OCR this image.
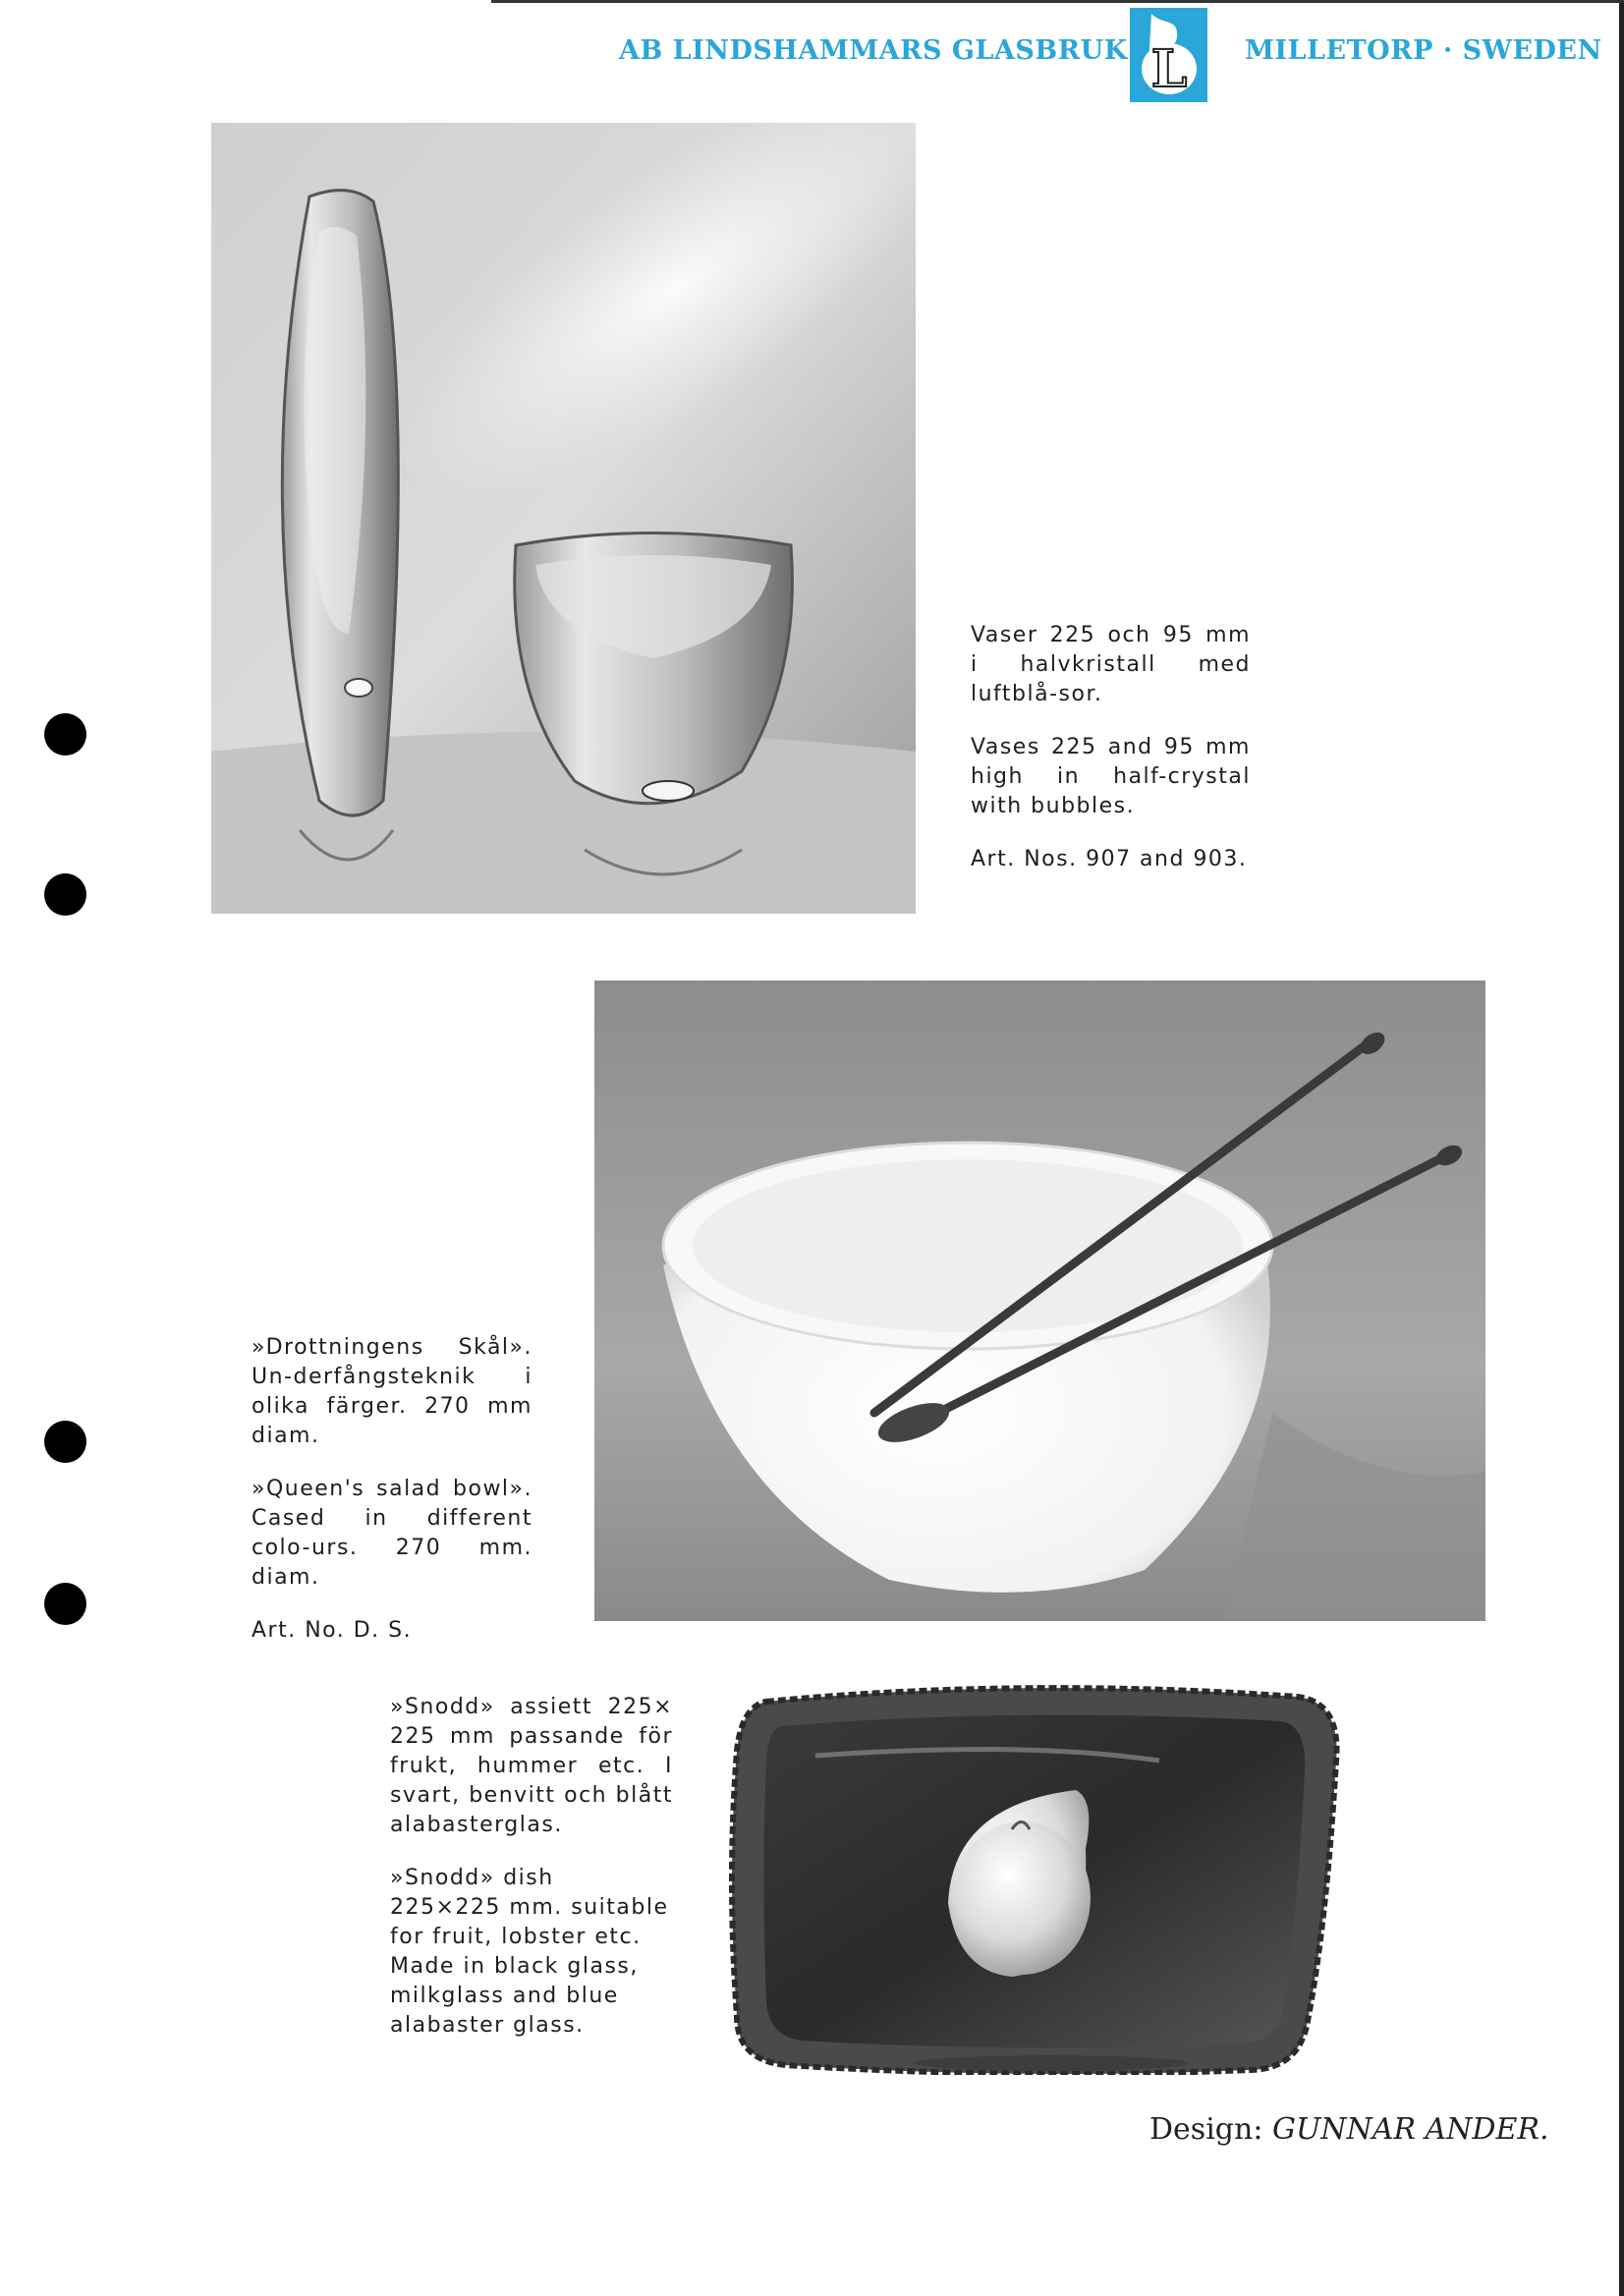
AB LINDSHAMMARS GLASBRUK L MILLETORP · SWEDEN

Vaser 225 och 95 mm i halvkristall med luftblå-sor.

Vases 225 and 95 mm high in half-crystal with bubbles.

Art. Nos. 907 and 903.

»Drottningens Skål». Un-derfångsteknik i olika färger. 270 mm diam.

»Queen's salad bowl». Cased in different colo-urs. 270 mm. diam.

Art. No. D. S.

»Snodd» assiett 225× 225 mm passande för frukt, hummer etc. I svart, benvitt och blått alabasterglas.

»Snodd» dish 225×225 mm. suitable for fruit, lobster etc. Made in black glass, milkglass and blue alabaster glass.

Design: GUNNAR ANDER.
